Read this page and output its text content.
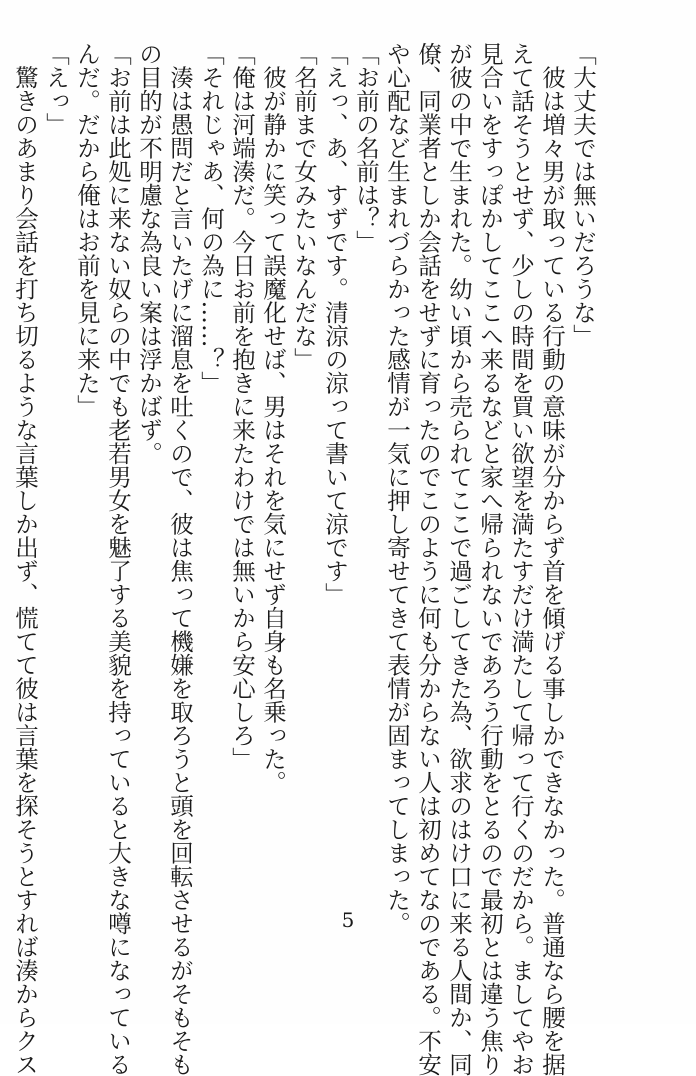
「大丈夫では無いだろうな」

　彼は増々男が取っている行動の意味が分からず首を傾げる事しかできなかった。普通なら腰を据

えて話そうとせず、少しの時間を買い欲望を満たすだけ満たして帰って行くのだから。ましてやお

見合いをすっぽかしてここへ来るなどと家へ帰られないであろう行動をとるので最初とは違う焦り

が彼の中で生まれた。幼い頃から売られてここで過ごしてきた為、欲求のはけ口に来る人間か、同

僚、同業者としか会話をせずに育ったのでこのように何も分からない人は初めてなのである。不安

や心配など生まれづらかった感情が一気に押し寄せてきて表情が固まってしまった。

「お前の名前は？」

「えっ、あ、すずです。清涼の涼って書いて涼です」

「名前まで女みたいなんだな」

　彼が静かに笑って誤魔化せば、男はそれを気にせず自身も名乗った。

「俺は河端湊だ。今日お前を抱きに来たわけでは無いから安心しろ」

「それじゃあ、何の為に……？」

　湊は愚問だと言いたげに溜息を吐くので、彼は焦って機嫌を取ろうと頭を回転させるがそもそも

の目的が不明慮な為良い案は浮かばず。

「お前は此処に来ない奴らの中でも老若男女を魅了する美貌を持っていると大きな噂になっている

んだ。だから俺はお前を見に来た」

「えっ」

　驚きのあまり会話を打ち切るような言葉しか出ず、慌てて彼は言葉を探そうとすれば湊からクス	5
